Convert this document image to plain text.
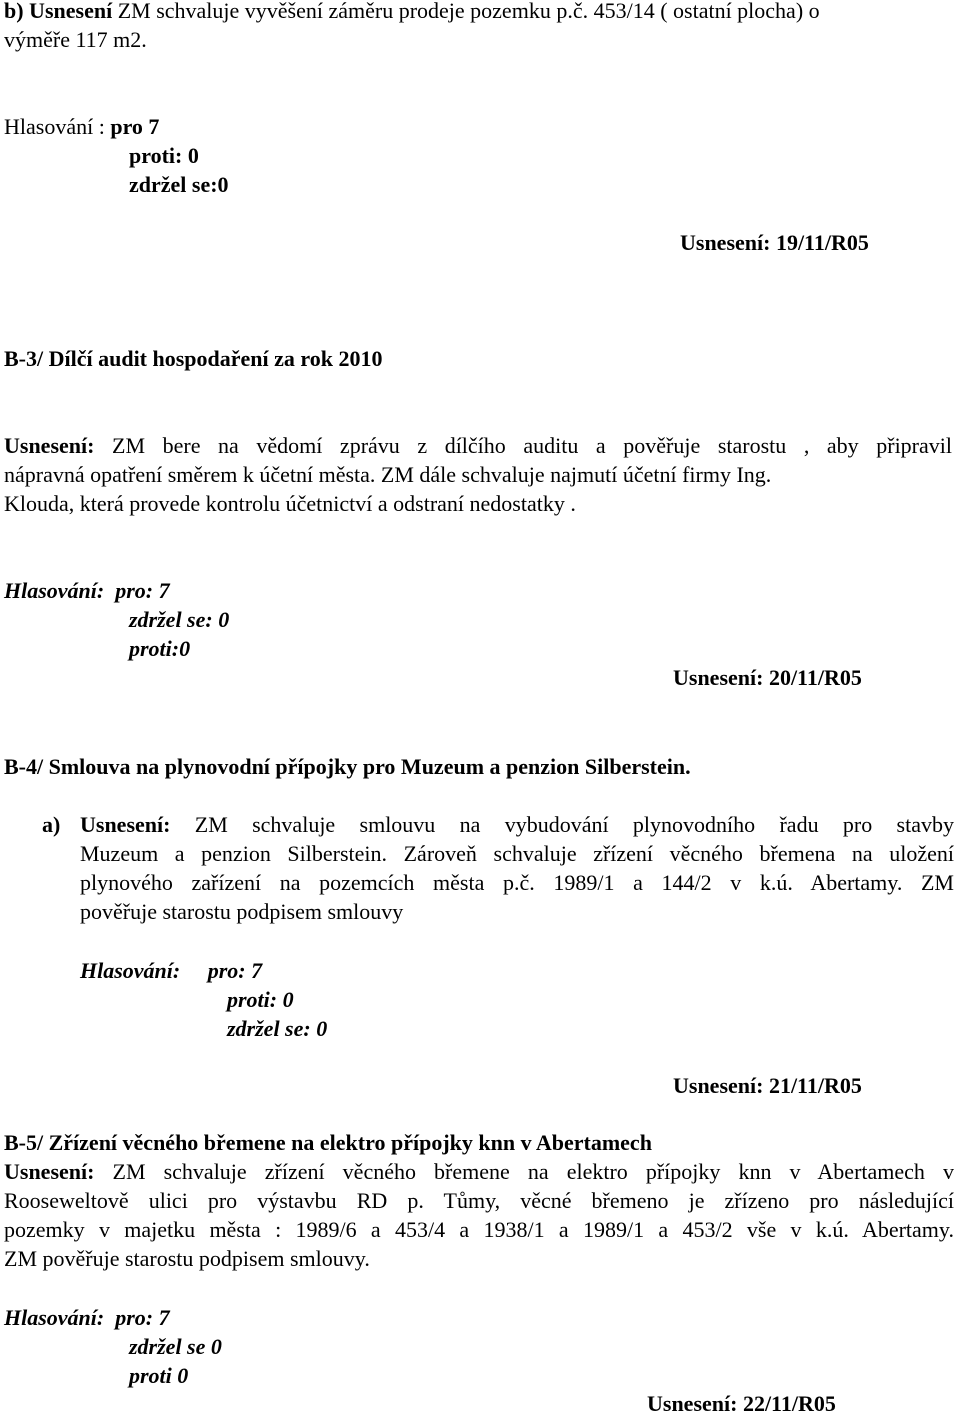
b) Usnesení ZM schvaluje vyvěšení záměru prodeje pozemku p.č. 453/14 ( ostatní plocha) o
výměře 117 m2.
Hlasování : pro 7
proti: 0
zdržel se:0
Usnesení: 19/11/R05
B-3/ Dílčí audit hospodaření za rok 2010
Usnesení: ZM bere na vědomí zprávu z dílčího auditu a pověřuje starostu , aby připravil
nápravná opatření směrem k účetní města. ZM dále schvaluje najmutí účetní firmy Ing.
Klouda, která provede kontrolu účetnictví a odstraní nedostatky .
Hlasování: pro: 7
zdržel se: 0
proti:0
Usnesení: 20/11/R05
B-4/ Smlouva na plynovodní přípojky pro Muzeum a penzion Silberstein.
a) Usnesení: ZM schvaluje smlouvu na vybudování plynovodního řadu pro stavby
Muzeum a penzion Silberstein. Zároveň schvaluje zřízení věcného břemena na uložení
plynového zařízení na pozemcích města p.č. 1989/1 a 144/2 v k.ú. Abertamy. ZM
pověřuje starostu podpisem smlouvy
Hlasování: pro: 7
proti: 0
zdržel se: 0
Usnesení: 21/11/R05
B-5/ Zřízení věcného břemene na elektro přípojky knn v Abertamech
Usnesení: ZM schvaluje zřízení věcného břemene na elektro přípojky knn v Abertamech v
Rooseweltově ulici pro výstavbu RD p. Tůmy, věcné břemeno je zřízeno pro následující
pozemky v majetku města : 1989/6 a 453/4 a 1938/1 a 1989/1 a 453/2 vše v k.ú. Abertamy.
ZM pověřuje starostu podpisem smlouvy.
Hlasování: pro: 7
zdržel se 0
proti 0
Usnesení: 22/11/R05
